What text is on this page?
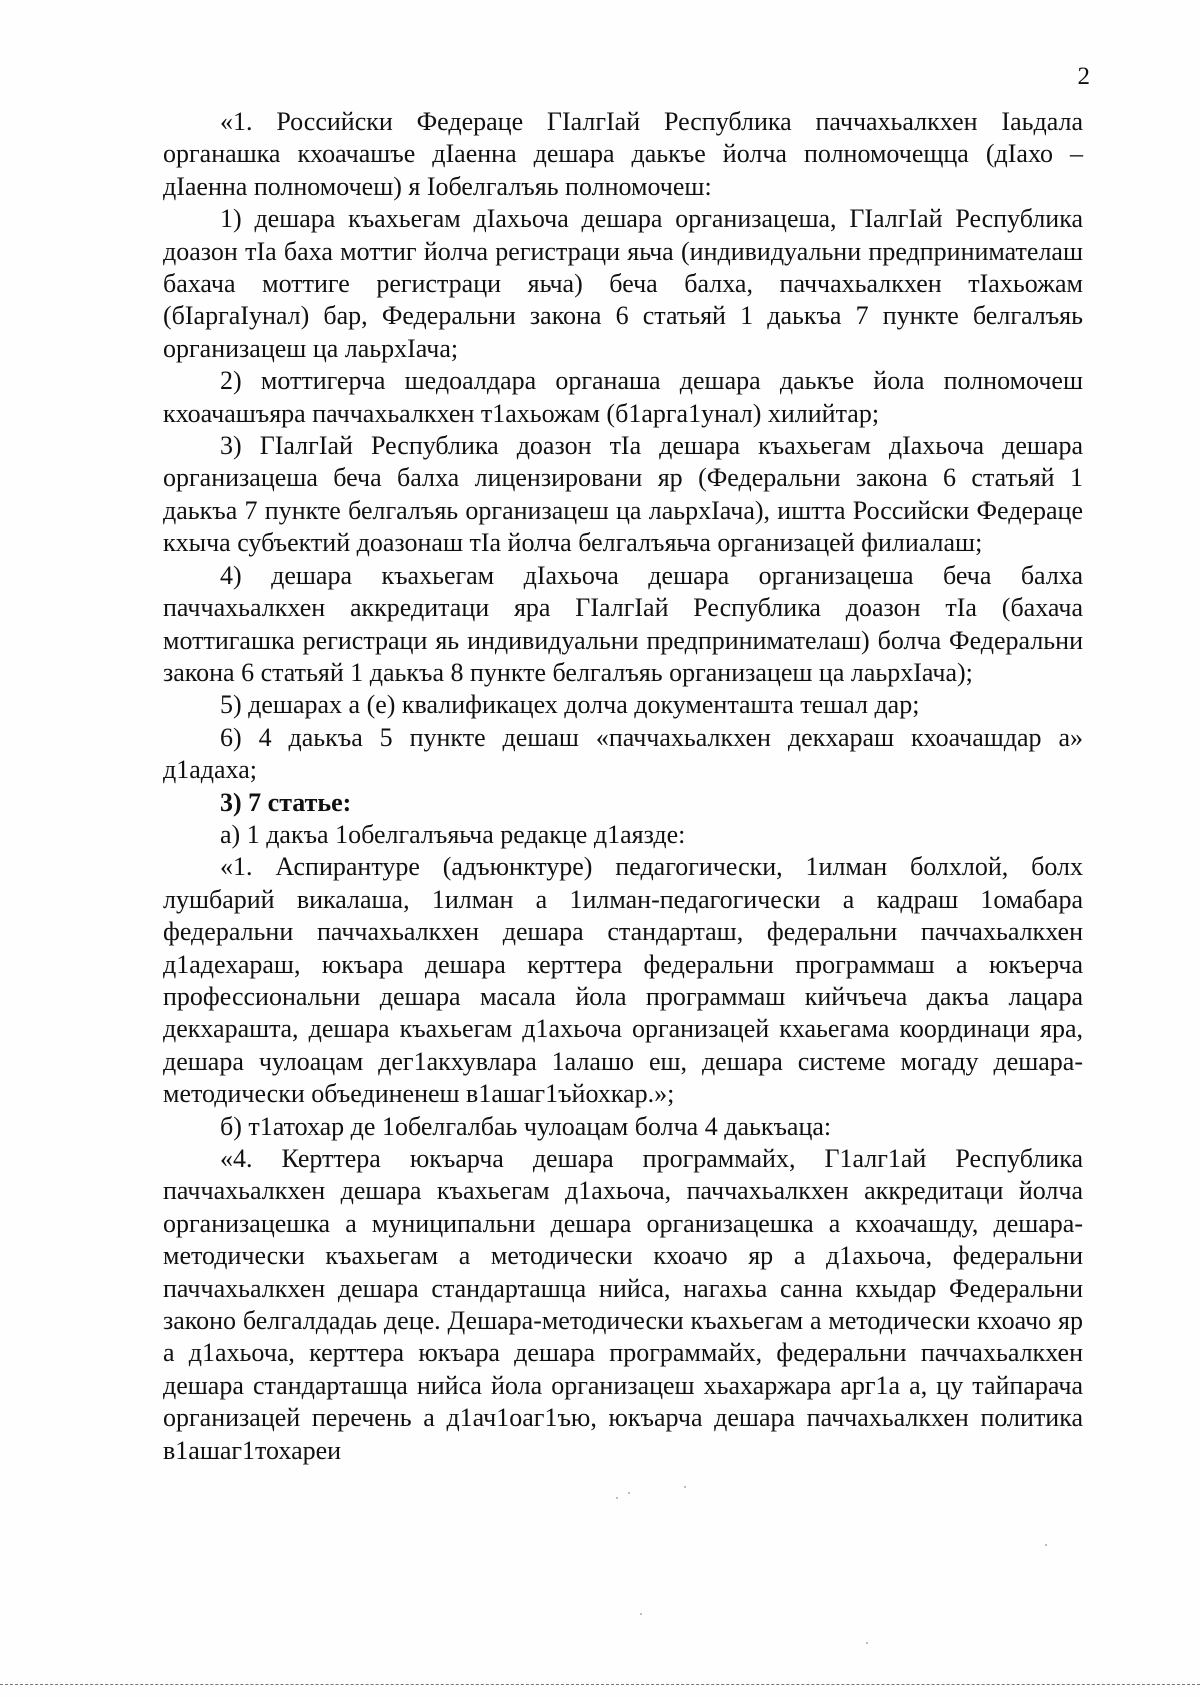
2

«1. Российски Федераце ГIалгIай Республика паччахьалкхен Iаьдала органашка кхоачашъе дIаенна дешара даькъе йолча полномочещца (дIахо – дIаенна полномочеш) я Iобелгалъяь полномочеш:

1) дешара къахьегам дIахьоча дешара организацеша, ГIалгIай Республика доазон тIа баха моттиг йолча регистраци яьча (индивидуальни предпринимателаш бахача моттиге регистраци яьча) беча балха, паччахьалкхен тIахьожам (бIаргаIунал) бар, Федеральни закона 6 статьяй 1 даькъа 7 пункте белгалъяь организацеш ца лаьрхIача;

2) моттигерча шедоалдара органаша дешара даькъе йола полномочеш кхоачашъяра паччахьалкхен т1ахьожам (б1арга1унал) хилийтар;

3) ГIалгIай Республика доазон тIа дешара къахьегам дIахьоча дешара организацеша беча балха лицензировани яр (Федеральни закона 6 статьяй 1 даькъа 7 пункте белгалъяь организацеш ца лаьрхIача), ишттa Российски Федераце кхыча субъектий доазонаш тIа йолча белгалъяьча организацей филиалаш;

4) дешара къахьегам дIахьоча дешара организацеша беча балха паччахьалкхен аккредитаци яра ГIалгIай Республика доазон тIа (бахача моттигашка регистраци яь индивидуальни предпринимателаш) болча Федеральни закона 6 статьяй 1 даькъа 8 пункте белгалъяь организацеш ца лаьрхIача);

5) дешарах а (е) квалификацех долча документашта тешал дар;

6) 4 даькъа 5 пункте дешаш «паччахьалкхен декхараш кхоачашдар а» д1адаха;

3) 7 статье:

а) 1 дакъа 1обелгалъяьча редакце д1аязде:

«1. Аспирантуре (адъюнктуре) педагогически, 1илман болхлой, болх лушбарий викалаша, 1илман а 1илман-педагогически а кадраш 1омабара федеральни паччахьалкхен дешара стандарташ, федеральни паччахьалкхен д1адехараш, юкъара дешара керттера федеральни программаш а юкъерча профессиональни дешара масала йола программаш кийчъеча дакъа лацара декхараштa, дешара къахьегам д1ахьоча организацей кхаьегама координаци яра, дешара чулоацам дег1акхувлара 1алашо еш, дешара системе могаду дешара-методически объединенеш в1ашаг1ъйохкар.»;

б) т1атохар де 1обелгалбаь чулоацам болча 4 даькъаца:

«4. Керттера юкъарча дешара программайх, Г1алг1ай Республика паччахьалкхен дешара къахьегам д1ахьоча, паччахьалкхен аккредитаци йолча организацешка а муниципальни дешара организацешка а кхоачашду, дешара-методически къахьегам а методически кхоачо яр а д1ахьоча, федеральни паччахьалкхен дешара стандарташца нийса, нагахьа санна кхыдар Федеральни законо белгалдадаь деце. Дешара-методически къахьегам а методически кхоачо яр а д1ахьоча, керттера юкъара дешара программайх, федеральни паччахьалкхен дешара стандарташца нийса йола организацеш хьахаржара арг1а а, цу тайпарача организацей перечень а д1ач1оаг1ъю, юкъарча дешара паччахьалкхен политика в1ашаг1тохареи
